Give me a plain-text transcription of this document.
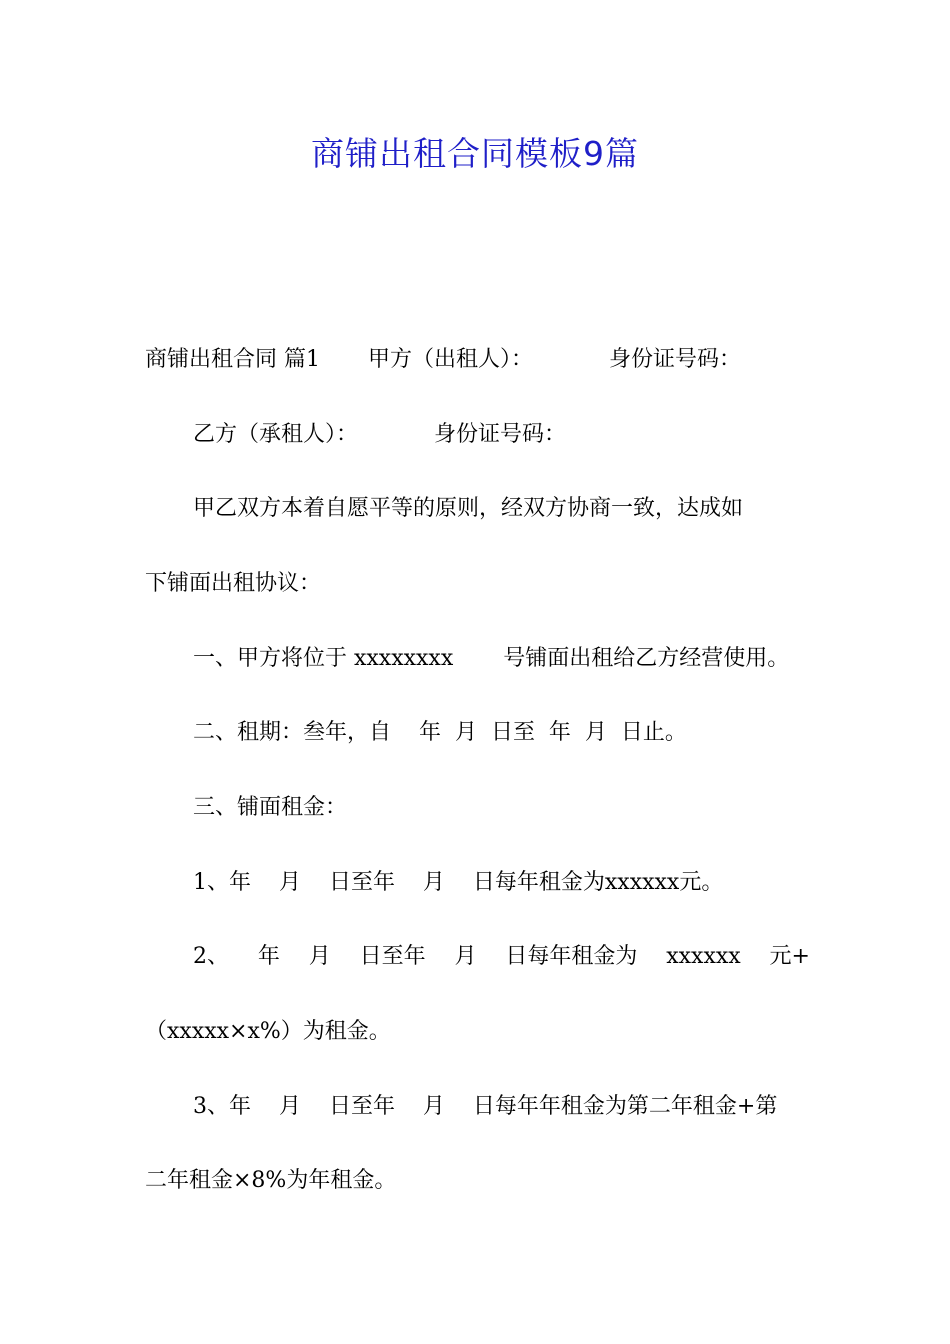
商铺出租合同模板9篇
商铺出租合同 篇1 甲方（出租人）：	身份证号码：
乙方（承租人）：	身份证号码：
甲乙双方本着自愿平等的原则，经双方协商一致，达成如
下铺面出租协议：
一、甲方将位于 xxxxxxxx 号铺面出租给乙方经营使用。
二、租期：叁年，自    年  月  日至  年  月  日止。
三、铺面租金：
1、年    月    日至年    月    日每年租金为xxxxxx元。
2、 年 月 日至年 月 日每年租金为 xxxxxx 元+
（xxxxx×x%）为租金。
3、年    月    日至年    月    日每年年租金为第二年租金+第
二年租金×8%为年租金。
